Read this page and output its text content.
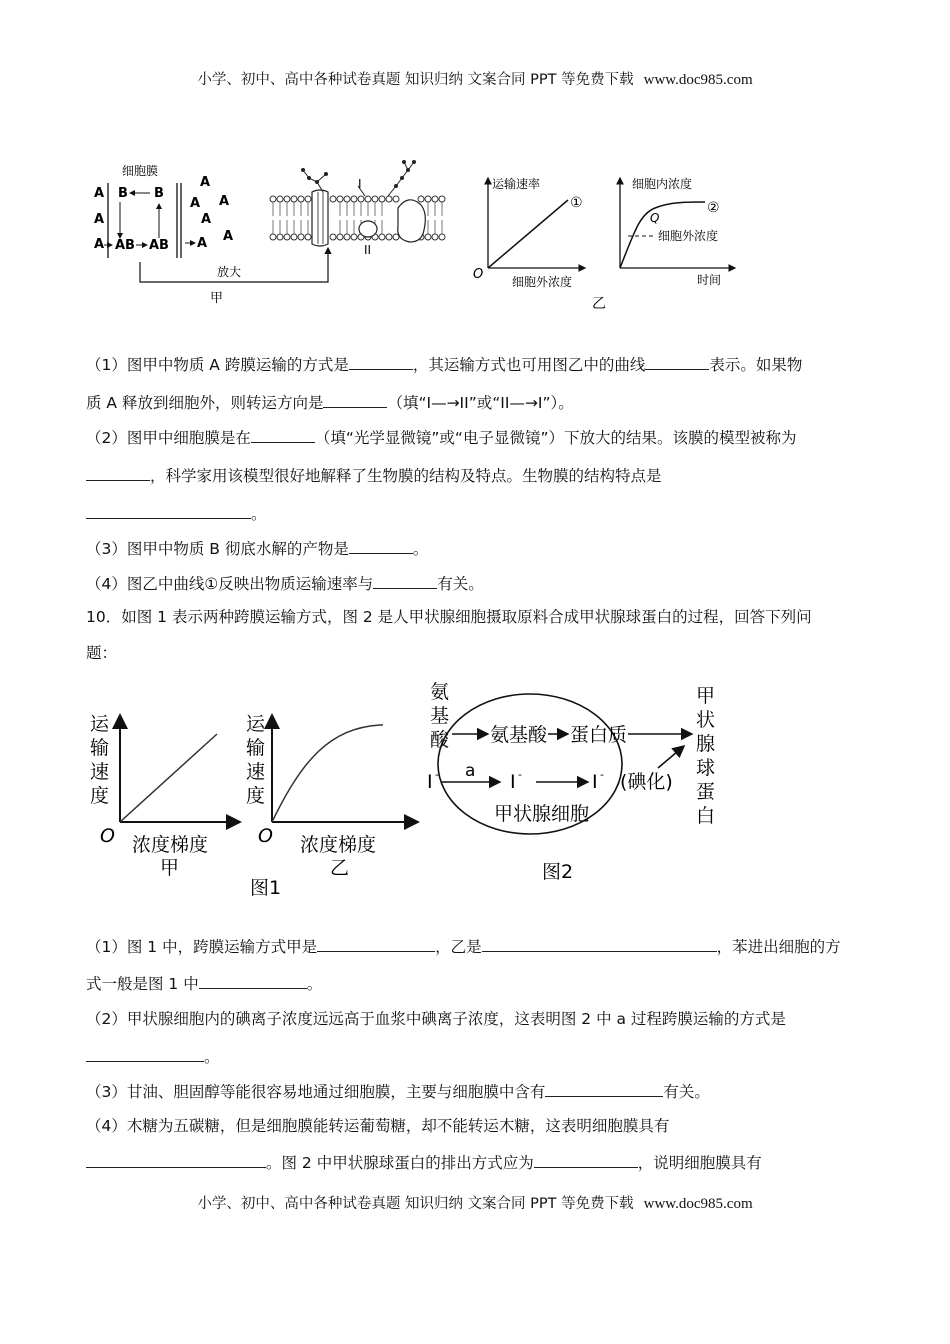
小学、初中、高中各种试卷真题 知识归纳 文案合同 PPT 等免费下载 www.doc985.com
细胞膜
A B B
A
A AB AB
A
A A
A
A A
放大
甲
I
II
运输速率
细胞外浓度
O
①
细胞内浓度
时间
Q
②
细胞外浓度
乙
（1）图甲中物质 A 跨膜运输的方式是	，其运输方式也可用图乙中的曲线	表示。如果物
质 A 释放到细胞外，则转运方向是	（填“I—→II”或“II—→I”）。
（2）图甲中细胞膜是在	（填“光学显微镜”或“电子显微镜”）下放大的结果。该膜的模型被称为
，科学家用该模型很好地解释了生物膜的结构及特点。生物膜的结构特点是
。
（3）图甲中物质 B 彻底水解的产物是	。
（4）图乙中曲线①反映出物质运输速率与	有关。
10．如图 1 表示两种跨膜运输方式，图 2 是人甲状腺细胞摄取原料合成甲状腺球蛋白的过程，回答下列问
题：
运
输
速
度
O 浓度梯度
甲
运
输
速
度
O 浓度梯度
乙
图1
氨
基
酸 氨基酸 蛋白质
I - a I -	I - (碘化)
甲状腺细胞
甲
状
腺
球
蛋
白
图2
（1）图 1 中，跨膜运输方式甲是	，乙是	，苯进出细胞的方
式一般是图 1 中	。
（2）甲状腺细胞内的碘离子浓度远远高于血浆中碘离子浓度，这表明图 2 中 a 过程跨膜运输的方式是
。
（3）甘油、胆固醇等能很容易地通过细胞膜，主要与细胞膜中含有	有关。
（4）木糖为五碳糖，但是细胞膜能转运葡萄糖，却不能转运木糖，这表明细胞膜具有
。图 2 中甲状腺球蛋白的排出方式应为	，说明细胞膜具有
小学、初中、高中各种试卷真题 知识归纳 文案合同 PPT 等免费下载 www.doc985.com
